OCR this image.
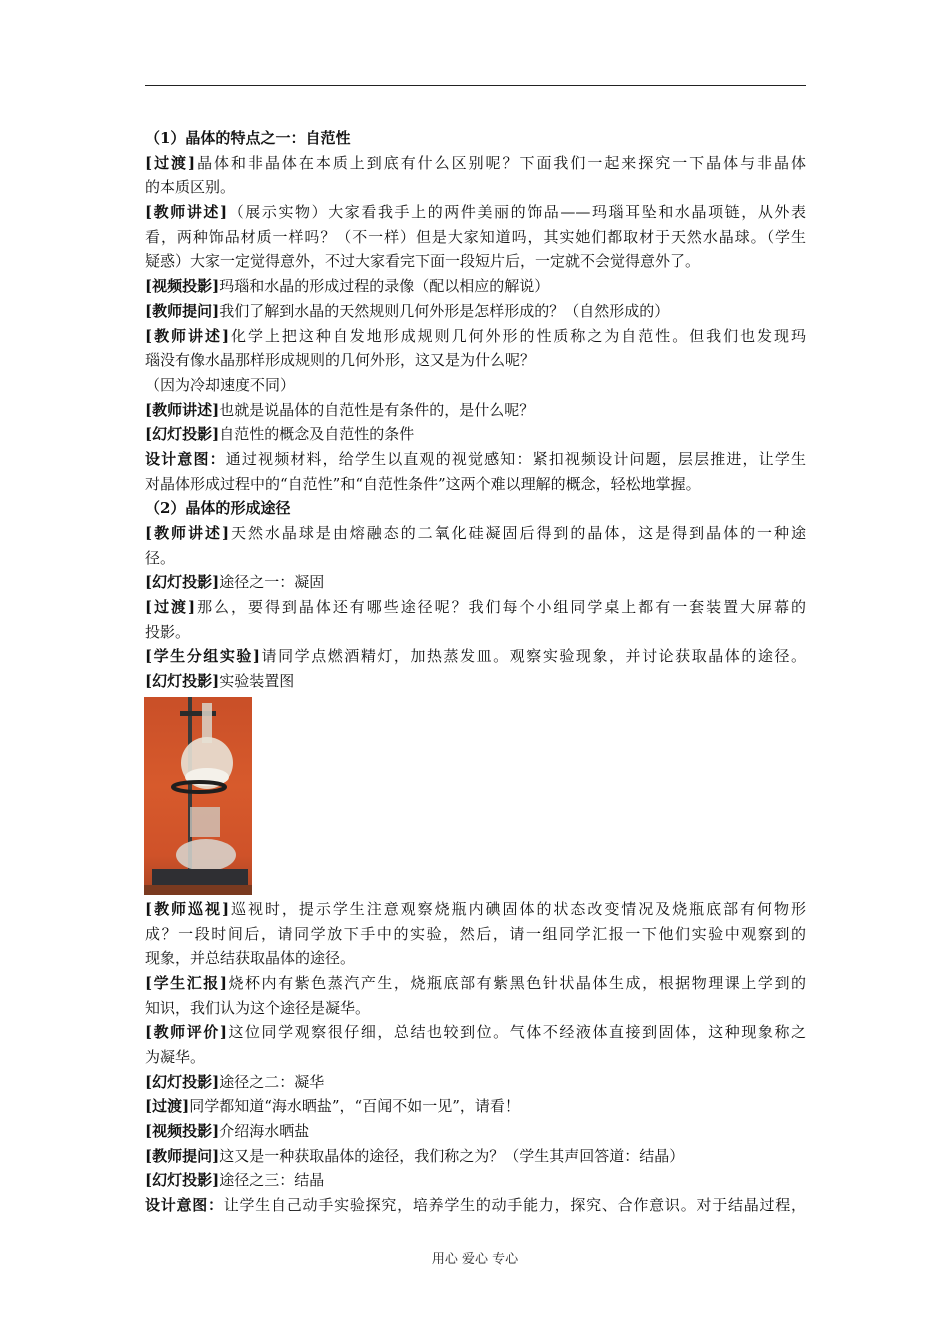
（1）晶体的特点之一：自范性
[过渡]晶体和非晶体在本质上到底有什么区别呢？下面我们一起来探究一下晶体与非晶体
的本质区别。
[教师讲述]（展示实物）大家看我手上的两件美丽的饰品——玛瑙耳坠和水晶项链，从外表
看，两种饰品材质一样吗？（不一样）但是大家知道吗，其实她们都取材于天然水晶球。（学生
疑惑）大家一定觉得意外，不过大家看完下面一段短片后，一定就不会觉得意外了。
[视频投影]玛瑙和水晶的形成过程的录像（配以相应的解说）
[教师提问]我们了解到水晶的天然规则几何外形是怎样形成的？（自然形成的）
[教师讲述]化学上把这种自发地形成规则几何外形的性质称之为自范性。但我们也发现玛
瑙没有像水晶那样形成规则的几何外形，这又是为什么呢？
（因为冷却速度不同）
[教师讲述]也就是说晶体的自范性是有条件的，是什么呢？
[幻灯投影]自范性的概念及自范性的条件
设计意图：通过视频材料，给学生以直观的视觉感知：紧扣视频设计问题，层层推进，让学生
对晶体形成过程中的“自范性”和“自范性条件”这两个难以理解的概念，轻松地掌握。
（2）晶体的形成途径
[教师讲述]天然水晶球是由熔融态的二氧化硅凝固后得到的晶体，这是得到晶体的一种途
径。
[幻灯投影]途径之一：凝固
[过渡]那么，要得到晶体还有哪些途径呢？我们每个小组同学桌上都有一套装置大屏幕的
投影。
[学生分组实验]请同学点燃酒精灯，加热蒸发皿。观察实验现象，并讨论获取晶体的途径。
[幻灯投影]实验装置图
[教师巡视]巡视时，提示学生注意观察烧瓶内碘固体的状态改变情况及烧瓶底部有何物形
成？一段时间后，请同学放下手中的实验，然后，请一组同学汇报一下他们实验中观察到的
现象，并总结获取晶体的途径。
[学生汇报]烧杯内有紫色蒸汽产生，烧瓶底部有紫黑色针状晶体生成，根据物理课上学到的
知识，我们认为这个途径是凝华。
[教师评价]这位同学观察很仔细，总结也较到位。气体不经液体直接到固体，这种现象称之
为凝华。
[幻灯投影]途径之二：凝华
[过渡]同学都知道“海水晒盐”，“百闻不如一见”，请看！
[视频投影]介绍海水晒盐
[教师提问]这又是一种获取晶体的途径，我们称之为？（学生其声回答道：结晶）
[幻灯投影]途径之三：结晶
设计意图：让学生自己动手实验探究，培养学生的动手能力，探究、合作意识。对于结晶过程，
用心 爱心 专心
